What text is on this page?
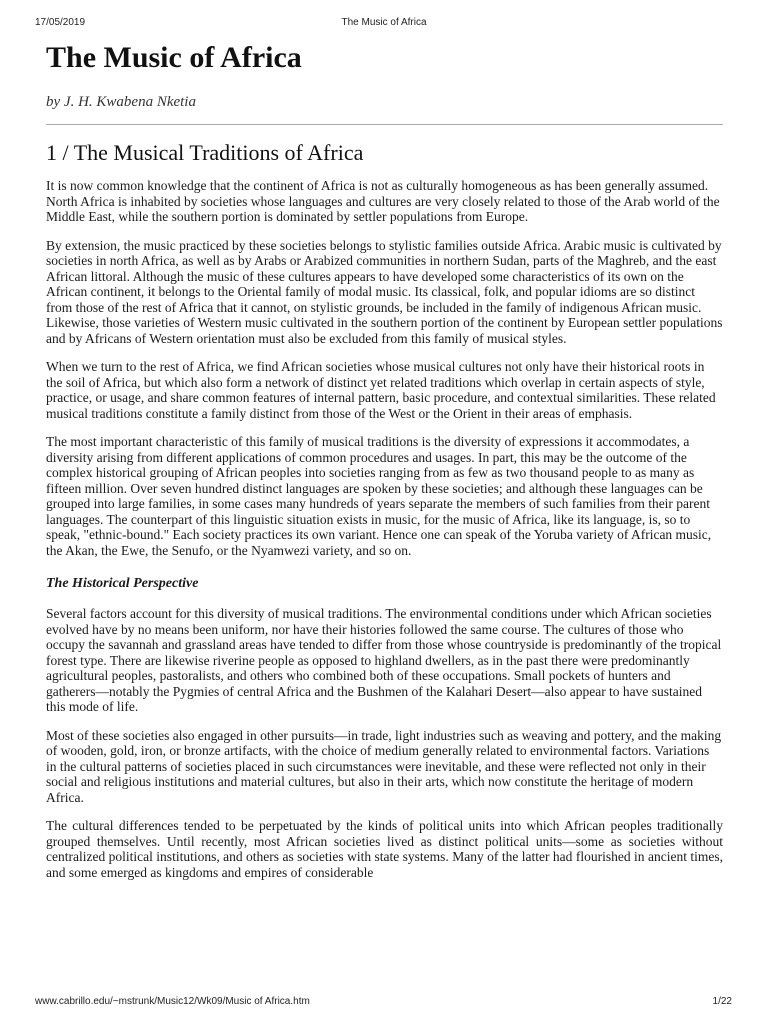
17/05/2019	The Music of Africa
The Music of Africa
by J. H. Kwabena Nketia
1 / The Musical Traditions of Africa

It is now common knowledge that the continent of Africa is not as culturally homogeneous as has been generally assumed. North Africa is inhabited by societies whose languages and cultures are very closely related to those of the Arab world of the Middle East, while the southern portion is dominated by settler populations from Europe.

By extension, the music practiced by these societies belongs to stylistic families outside Africa. Arabic music is cultivated by societies in north Africa, as well as by Arabs or Arabized communities in northern Sudan, parts of the Maghreb, and the east African littoral. Although the music of these cultures appears to have developed some characteristics of its own on the African continent, it belongs to the Oriental family of modal music. Its classical, folk, and popular idioms are so distinct from those of the rest of Africa that it cannot, on stylistic grounds, be included in the family of indigenous African music. Likewise, those varieties of Western music cultivated in the southern portion of the continent by European settler populations and by Africans of Western orientation must also be excluded from this family of musical styles.

When we turn to the rest of Africa, we find African societies whose musical cultures not only have their historical roots in the soil of Africa, but which also form a network of distinct yet related traditions which overlap in certain aspects of style, practice, or usage, and share common features of internal pattern, basic procedure, and contextual similarities. These related musical traditions constitute a family distinct from those of the West or the Orient in their areas of emphasis.

The most important characteristic of this family of musical traditions is the diversity of expressions it accommodates, a diversity arising from different applications of common procedures and usages. In part, this may be the outcome of the complex historical grouping of African peoples into societies ranging from as few as two thousand people to as many as fifteen million. Over seven hundred distinct languages are spoken by these societies; and although these languages can be grouped into large families, in some cases many hundreds of years separate the members of such families from their parent languages. The counterpart of this linguistic situation exists in music, for the music of Africa, like its language, is, so to speak, "ethnic-bound." Each society practices its own variant. Hence one can speak of the Yoruba variety of African music, the Akan, the Ewe, the Senufo, or the Nyamwezi variety, and so on.

The Historical Perspective

Several factors account for this diversity of musical traditions. The environmental conditions under which African societies evolved have by no means been uniform, nor have their histories followed the same course. The cultures of those who occupy the savannah and grassland areas have tended to differ from those whose countryside is predominantly of the tropical forest type. There are likewise riverine people as opposed to highland dwellers, as in the past there were predominantly agricultural peoples, pastoralists, and others who combined both of these occupations. Small pockets of hunters and gatherers—notably the Pygmies of central Africa and the Bushmen of the Kalahari Desert—also appear to have sustained this mode of life.

Most of these societies also engaged in other pursuits—in trade, light industries such as weaving and pottery, and the making of wooden, gold, iron, or bronze artifacts, with the choice of medium generally related to environmental factors. Variations in the cultural patterns of societies placed in such circumstances were inevitable, and these were reflected not only in their social and religious institutions and material cultures, but also in their arts, which now constitute the heritage of modern Africa.

The cultural differences tended to be perpetuated by the kinds of political units into which African peoples traditionally grouped themselves. Until recently, most African societies lived as distinct political units—some as societies without centralized political institutions, and others as societies with state systems. Many of the latter had flourished in ancient times, and some emerged as kingdoms and empires of considerable

www.cabrillo.edu/~mstrunk/Music12/Wk09/Music of Africa.htm	1/22
